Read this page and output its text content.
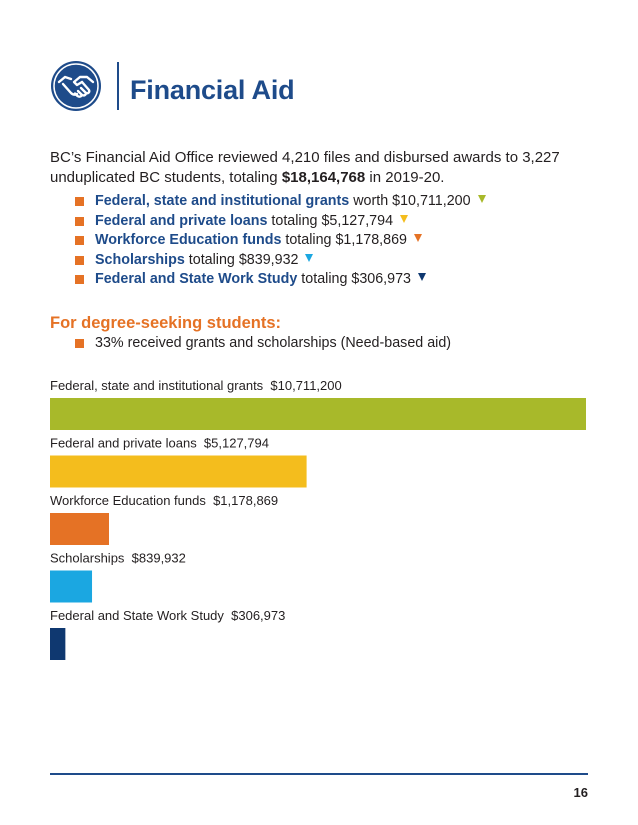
Financial Aid

BC’s Financial Aid Office reviewed 4,210 files and disbursed awards to 3,227 unduplicated BC students, totaling $18,164,768 in 2019-20.

Federal, state and institutional grants worth $10,711,200
Federal and private loans totaling $5,127,794
Workforce Education funds totaling $1,178,869
Scholarships totaling $839,932
Federal and State Work Study totaling $306,973
For degree-seeking students:
33% received grants and scholarships (Need-based aid)
Federal, state and institutional grants  $10,711,200
Federal and private loans  $5,127,794
Workforce Education funds  $1,178,869
Scholarships  $839,932
Federal and State Work Study  $306,973
16
